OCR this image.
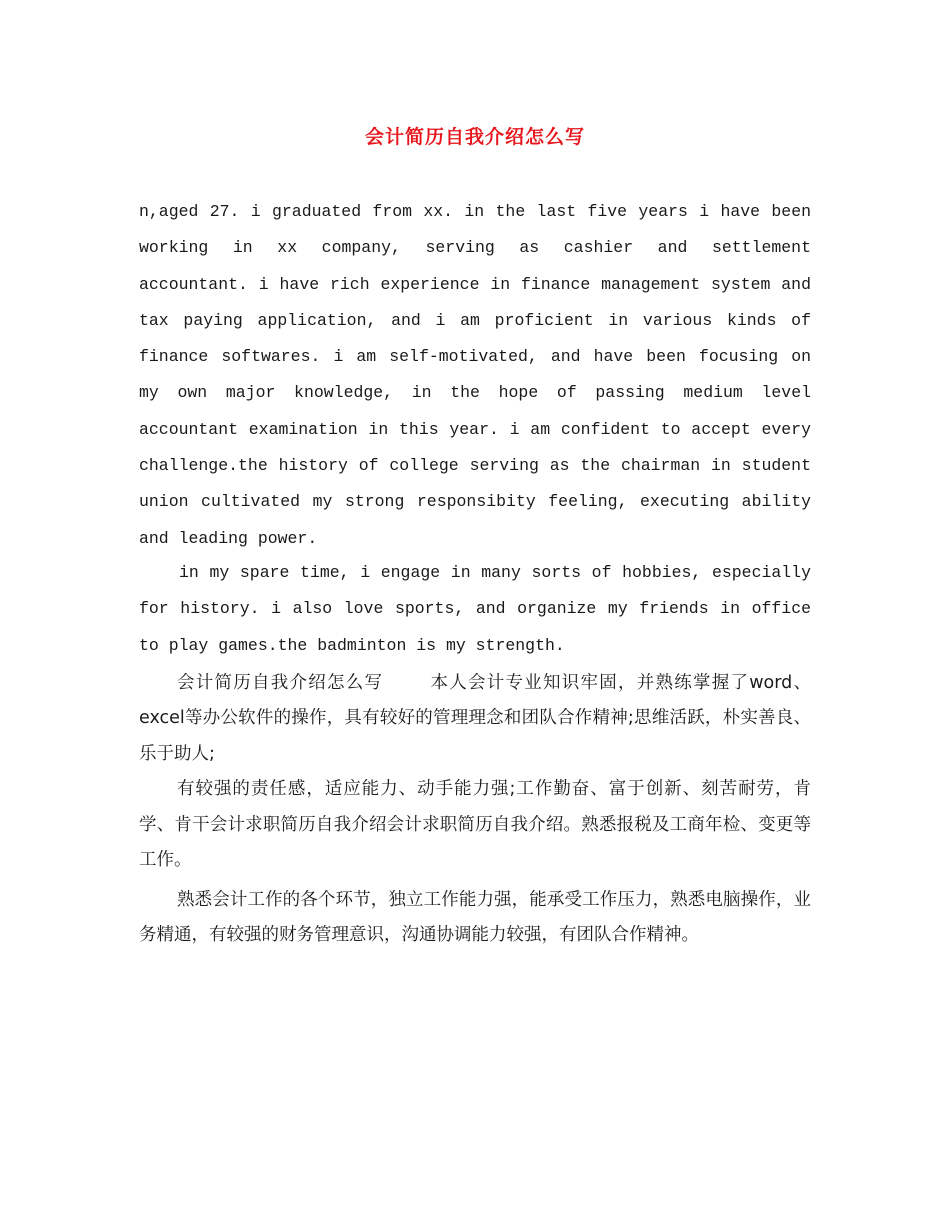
会计简历自我介绍怎么写

n,aged 27. i graduated from xx. in the last five years i have been working in xx company, serving as cashier and settlement accountant. i have rich experience in finance management system and tax paying application, and i am proficient in various kinds of finance softwares. i am self-motivated, and have been focusing on my own major knowledge, in the hope of passing medium level accountant examination in this year. i am confident to accept every challenge.the history of college serving as the chairman in student union cultivated my strong responsibity feeling, executing ability and leading power.

in my spare time, i engage in many sorts of hobbies, especially for history. i also love sports, and organize my friends in office to play games.the badminton is my strength.

会计简历自我介绍怎么写	本人会计专业知识牢固，并熟练掌握了word、excel等办公软件的操作，具有较好的管理理念和团队合作精神;思维活跃，朴实善良、乐于助人;

有较强的责任感，适应能力、动手能力强;工作勤奋、富于创新、刻苦耐劳，肯学、肯干会计求职简历自我介绍会计求职简历自我介绍。熟悉报税及工商年检、变更等工作。

熟悉会计工作的各个环节，独立工作能力强，能承受工作压力，熟悉电脑操作，业务精通，有较强的财务管理意识，沟通协调能力较强，有团队合作精神。
